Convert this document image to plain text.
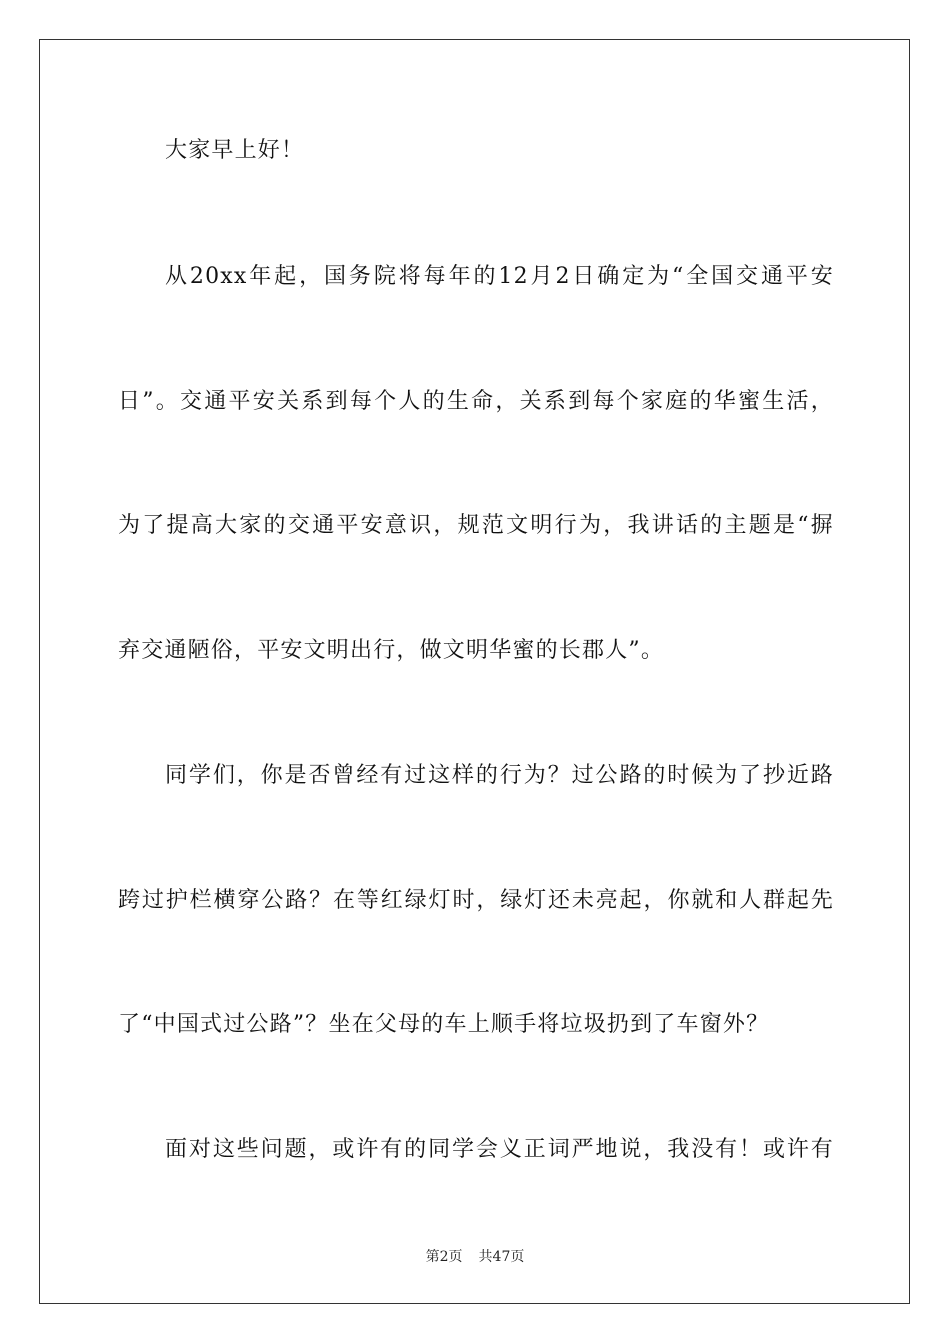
大家早上好！
从20xx年起，国务院将每年的12月2日确定为“全国交通平安
日”。交通平安关系到每个人的生命，关系到每个家庭的华蜜生活，
为了提高大家的交通平安意识，规范文明行为，我讲话的主题是“摒
弃交通陋俗，平安文明出行，做文明华蜜的长郡人”。
同学们，你是否曾经有过这样的行为？过公路的时候为了抄近路
跨过护栏横穿公路？在等红绿灯时，绿灯还未亮起，你就和人群起先
了“中国式过公路”？坐在父母的车上顺手将垃圾扔到了车窗外？
面对这些问题，或许有的同学会义正词严地说，我没有！或许有
第2页 共47页
